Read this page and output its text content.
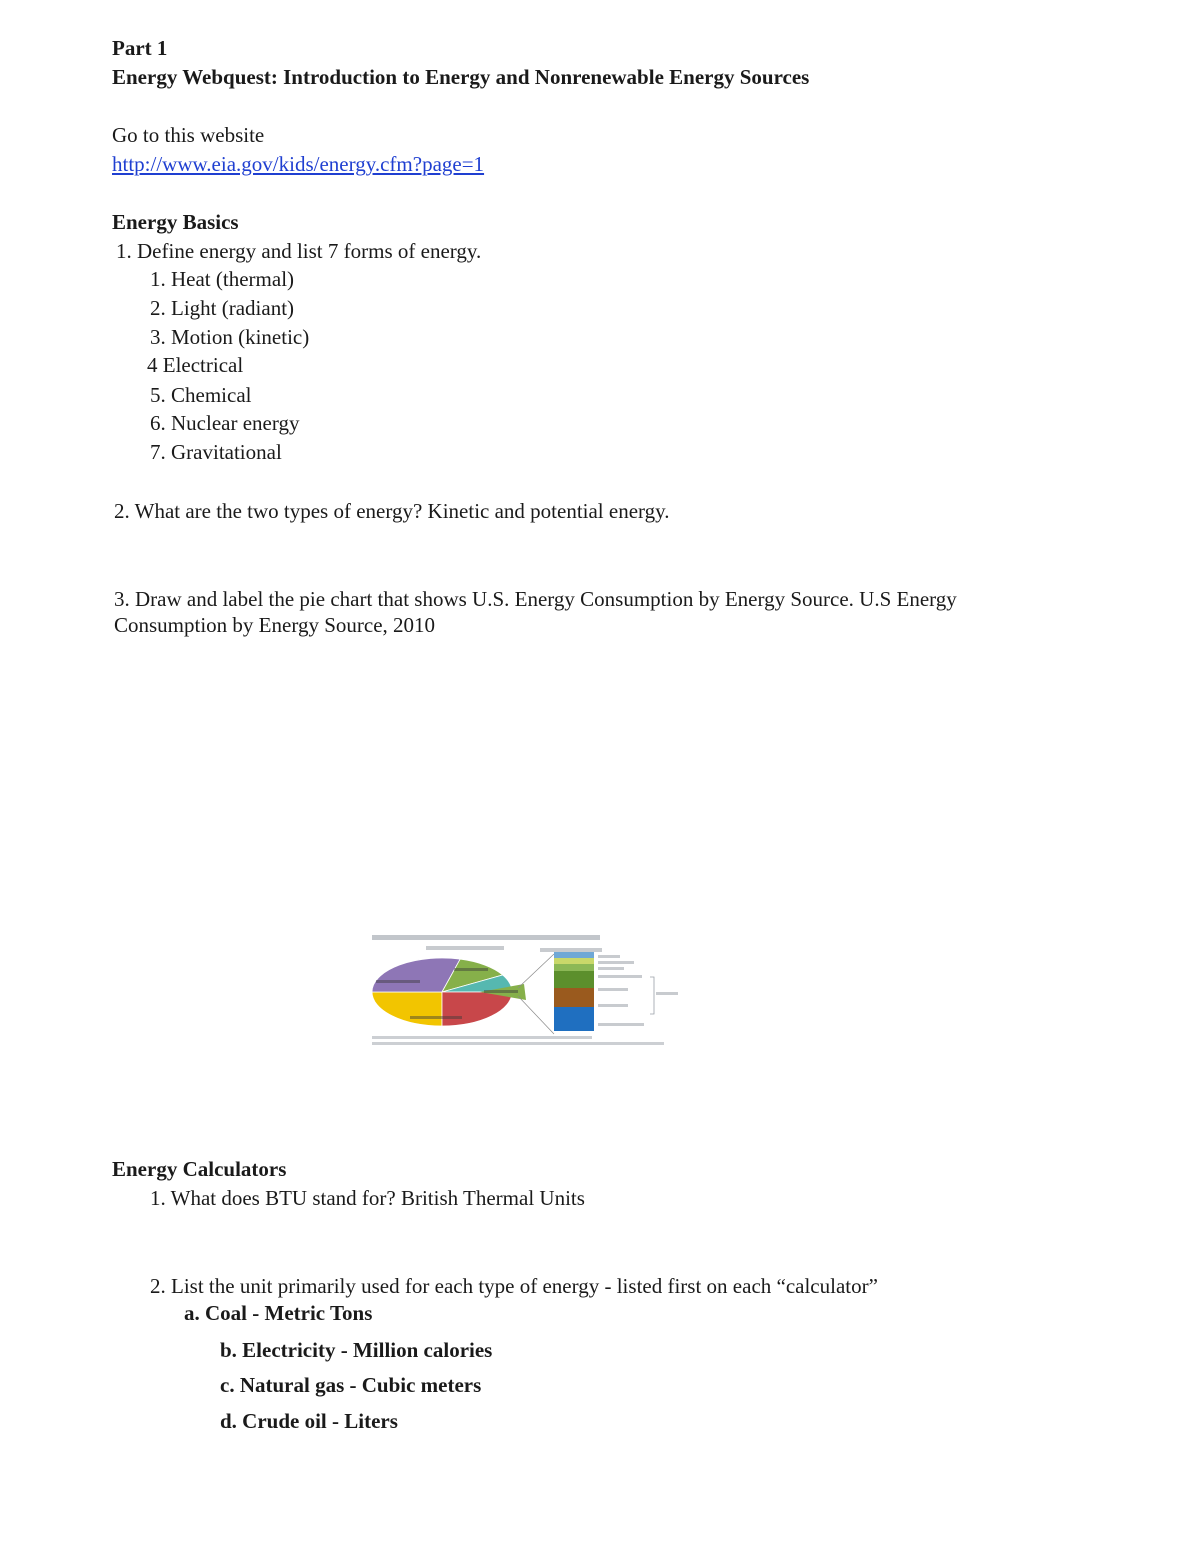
Part 1
Energy Webquest: Introduction to Energy and Nonrenewable Energy Sources
Go to this website
http://www.eia.gov/kids/energy.cfm?page=1
Energy Basics
1. Define energy and list 7 forms of energy.
1. Heat (thermal)
2. Light (radiant)
3. Motion (kinetic)
4 Electrical
5. Chemical
6. Nuclear energy
7. Gravitational
2. What are the two types of energy? Kinetic and potential energy.
3. Draw and label the pie chart that shows U.S. Energy Consumption by Energy Source. U.S Energy
Consumption by Energy Source, 2010
Energy Calculators
1. What does BTU stand for? British Thermal Units
2. List the unit primarily used for each type of energy - listed first on each “calculator”
a. Coal - Metric Tons
b. Electricity - Million calories
c. Natural gas - Cubic meters
d. Crude oil - Liters
